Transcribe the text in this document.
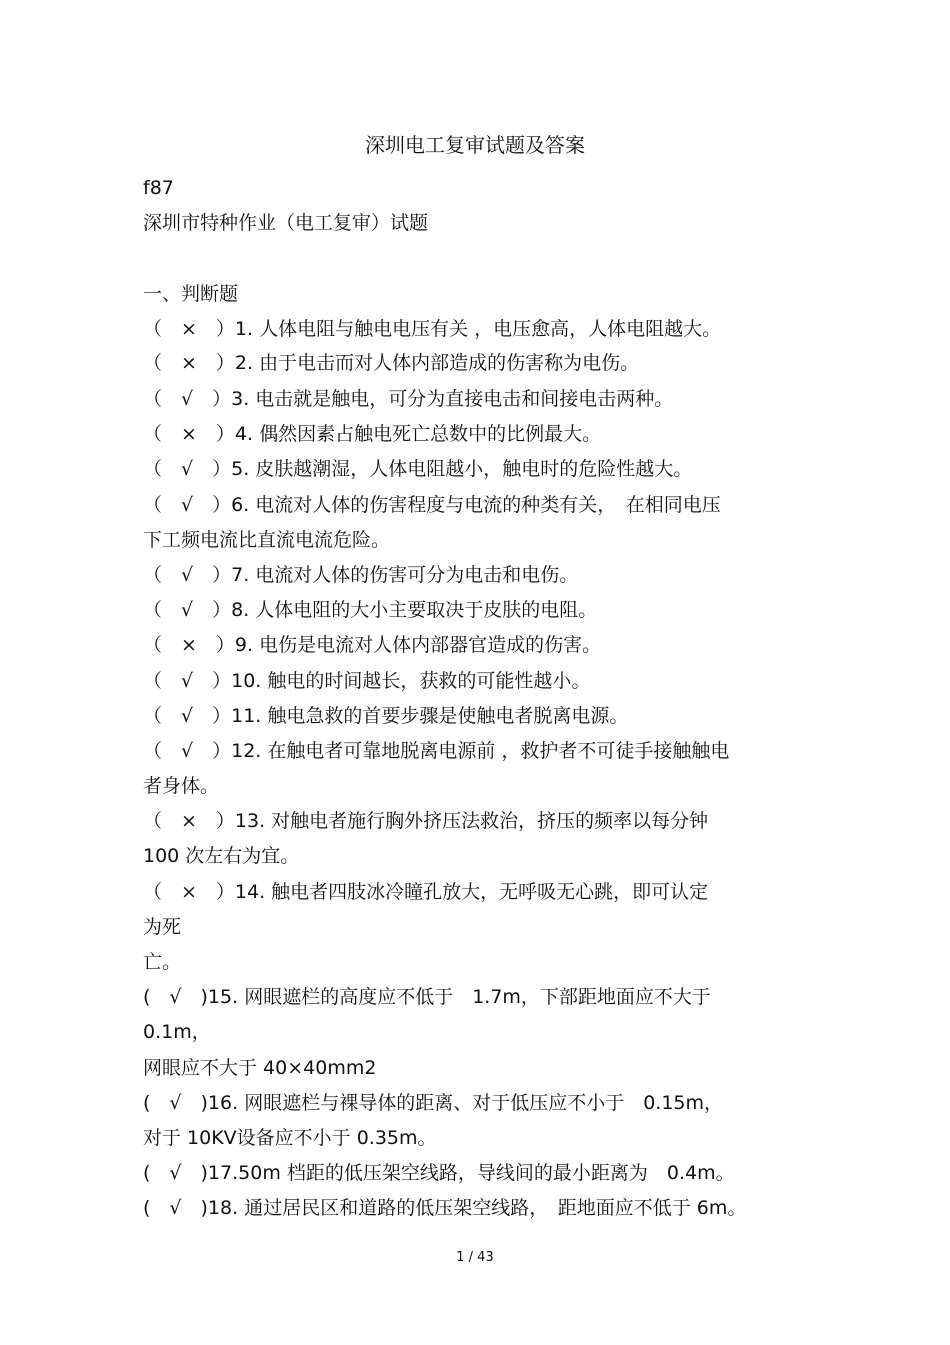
深圳电工复审试题及答案
f87
深圳市特种作业（电工复审）试题
一、判断题
（　×　）1. 人体电阻与触电电压有关 ，电压愈高，人体电阻越大。
（　×　）2. 由于电击而对人体内部造成的伤害称为电伤。
（　√　）3. 电击就是触电，可分为直接电击和间接电击两种。
（　×　）4. 偶然因素占触电死亡总数中的比例最大。
（　√　）5. 皮肤越潮湿，人体电阻越小，触电时的危险性越大。
（　√　）6. 电流对人体的伤害程度与电流的种类有关，　在相同电压
下工频电流比直流电流危险。
（　√　）7. 电流对人体的伤害可分为电击和电伤。
（　√　）8. 人体电阻的大小主要取决于皮肤的电阻。
（　×　）9. 电伤是电流对人体内部器官造成的伤害。
（　√　）10. 触电的时间越长，获救的可能性越小。
（　√　）11. 触电急救的首要步骤是使触电者脱离电源。
（　√　）12. 在触电者可靠地脱离电源前 ，救护者不可徒手接触触电
者身体。
（　×　）13. 对触电者施行胸外挤压法救治，挤压的频率以每分钟
100 次左右为宜。
（　×　）14. 触电者四肢冰冷瞳孔放大，无呼吸无心跳，即可认定
为死
亡。
(　√　)15. 网眼遮栏的高度应不低于　1.7m，下部距地面应不大于
0.1m，
网眼应不大于 40×40mm2
(　√　)16. 网眼遮栏与裸导体的距离、对于低压应不小于　0.15m，
对于 10KV设备应不小于 0.35m。
(　√　)17.50m 档距的低压架空线路，导线间的最小距离为　0.4m。
(　√　)18. 通过居民区和道路的低压架空线路，　距地面应不低于 6m。
1 / 43
